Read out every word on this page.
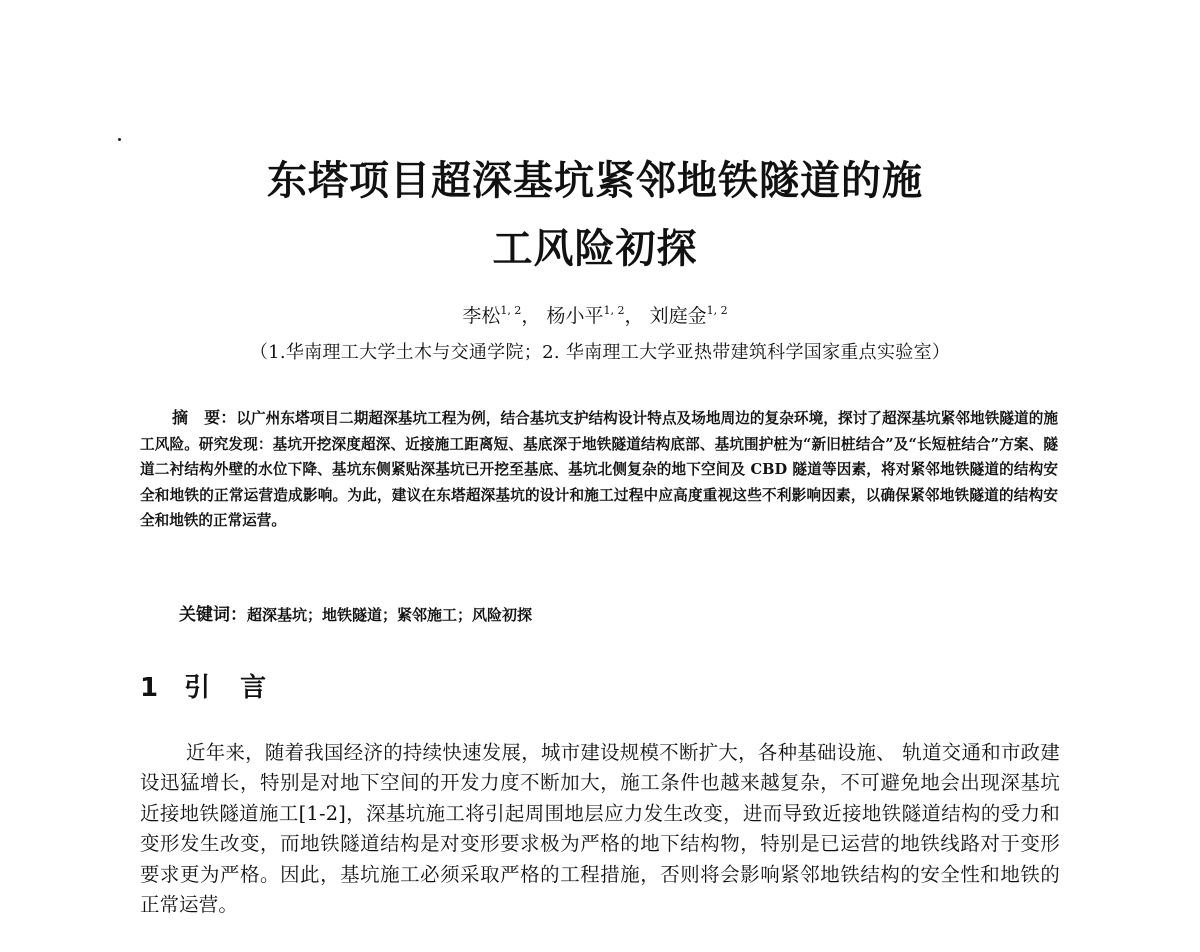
东塔项目超深基坑紧邻地铁隧道的施
工风险初探
李松$^{1, 2}$， 杨小平$^{1, 2}$， 刘庭金$^{1, 2}$
（1.华南理工大学土木与交通学院；2. 华南理工大学亚热带建筑科学国家重点实验室）

摘　要：以广州东塔项目二期超深基坑工程为例，结合基坑支护结构设计特点及场地周边的复杂环境，探讨了超深基坑紧邻地铁隧道的施工风险。研究发现：基坑开挖深度超深、近接施工距离短、基底深于地铁隧道结构底部、基坑围护桩为“新旧桩结合”及“长短桩结合”方案、隧道二衬结构外壁的水位下降、基坑东侧紧贴深基坑已开挖至基底、基坑北侧复杂的地下空间及 CBD 隧道等因素，将对紧邻地铁隧道的结构安全和地铁的正常运营造成影响。为此，建议在东塔超深基坑的设计和施工过程中应高度重视这些不利影响因素，以确保紧邻地铁隧道的结构安全和地铁的正常运营。

关键词：超深基坑；地铁隧道；紧邻施工；风险初探
1 引 言

近年来，随着我国经济的持续快速发展，城市建设规模不断扩大，各种基础设施、 轨道交通和市政建设迅猛增长，特别是对地下空间的开发力度不断加大，施工条件也越来越复杂，不可避免地会出现深基坑近接地铁隧道施工[1-2]，深基坑施工将引起周围地层应力发生改变，进而导致近接地铁隧道结构的受力和变形发生改变，而地铁隧道结构是对变形要求极为严格的地下结构物，特别是已运营的地铁线路对于变形要求更为严格。因此，基坑施工必须采取严格的工程措施，否则将会影响紧邻地铁结构的安全性和地铁的正常运营。
